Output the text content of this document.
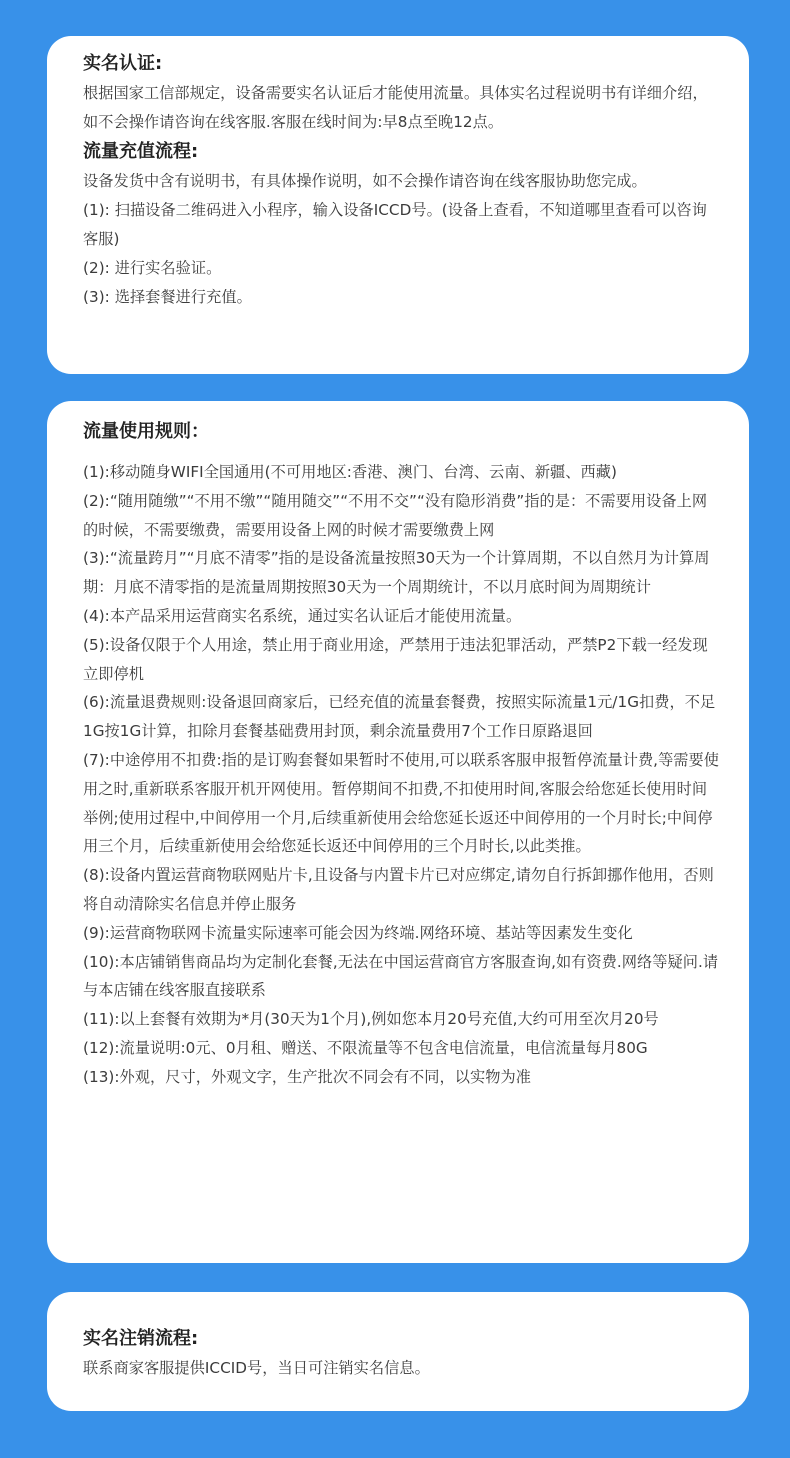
实名认证:

根据国家工信部规定，设备需要实名认证后才能使用流量。具体实名过程说明书有详细介绍，如不会操作请咨询在线客服.客服在线时间为:早8点至晚12点。

流量充值流程:

设备发货中含有说明书，有具体操作说明，如不会操作请咨询在线客服协助您完成。

(1): 扫描设备二维码进入小程序，输入设备ICCD号。(设备上查看，不知道哪里查看可以咨询客服)

(2): 进行实名验证。

(3): 选择套餐进行充值。

流量使用规则：

(1):移动随身WIFI全国通用(不可用地区:香港、澳门、台湾、云南、新疆、西藏)

(2):“随用随缴”“不用不缴”“随用随交”“不用不交”“没有隐形消费”指的是：不需要用设备上网的时候，不需要缴费，需要用设备上网的时候才需要缴费上网

(3):“流量跨月”“月底不清零”指的是设备流量按照30天为一个计算周期，不以自然月为计算周期：月底不清零指的是流量周期按照30天为一个周期统计，不以月底时间为周期统计

(4):本产品采用运营商实名系统，通过实名认证后才能使用流量。

(5):设备仅限于个人用途，禁止用于商业用途，严禁用于违法犯罪活动，严禁P2下载一经发现立即停机

(6):流量退费规则:设备退回商家后，已经充值的流量套餐费，按照实际流量1元/1G扣费，不足1G按1G计算，扣除月套餐基础费用封顶，剩余流量费用7个工作日原路退回

(7):中途停用不扣费:指的是订购套餐如果暂时不使用,可以联系客服申报暂停流量计费,等需要使用之时,重新联系客服开机开网使用。暂停期间不扣费,不扣使用时间,客服会给您延长使用时间

举例;使用过程中,中间停用一个月,后续重新使用会给您延长返还中间停用的一个月时长;中间停用三个月，后续重新使用会给您延长返还中间停用的三个月时长,以此类推。

(8):设备内置运营商物联网贴片卡,且设备与内置卡片已对应绑定,请勿自行拆卸挪作他用，否则将自动清除实名信息并停止服务

(9):运营商物联网卡流量实际速率可能会因为终端.网络环境、基站等因素发生变化

(10):本店铺销售商品均为定制化套餐,无法在中国运营商官方客服查询,如有资费.网络等疑问.请与本店铺在线客服直接联系

(11):以上套餐有效期为*月(30天为1个月),例如您本月20号充值,大约可用至次月20号

(12):流量说明:0元、0月租、赠送、不限流量等不包含电信流量，电信流量每月80G

(13):外观，尺寸，外观文字，生产批次不同会有不同，以实物为准

实名注销流程:

联系商家客服提供ICCID号，当日可注销实名信息。
